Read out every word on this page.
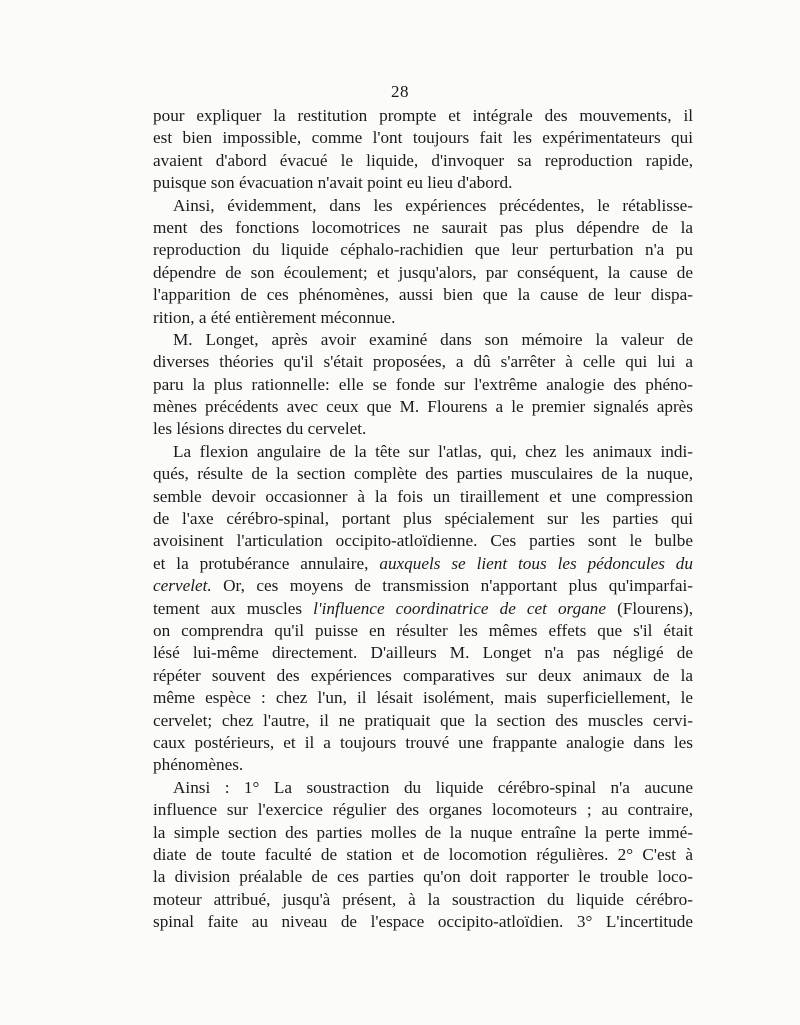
28
pour expliquer la restitution prompte et intégrale des mouvements, il
est bien impossible, comme l'ont toujours fait les expérimentateurs qui
avaient d'abord évacué le liquide, d'invoquer sa reproduction rapide,
puisque son évacuation n'avait point eu lieu d'abord.
Ainsi, évidemment, dans les expériences précédentes, le rétablisse-
ment des fonctions locomotrices ne saurait pas plus dépendre de la
reproduction du liquide céphalo-rachidien que leur perturbation n'a pu
dépendre de son écoulement; et jusqu'alors, par conséquent, la cause de
l'apparition de ces phénomènes, aussi bien que la cause de leur dispa-
rition, a été entièrement méconnue.
M. Longet, après avoir examiné dans son mémoire la valeur de
diverses théories qu'il s'était proposées, a dû s'arrêter à celle qui lui a
paru la plus rationnelle: elle se fonde sur l'extrême analogie des phéno-
mènes précédents avec ceux que M. Flourens a le premier signalés après
les lésions directes du cervelet.
La flexion angulaire de la tête sur l'atlas, qui, chez les animaux indi-
qués, résulte de la section complète des parties musculaires de la nuque,
semble devoir occasionner à la fois un tiraillement et une compression
de l'axe cérébro-spinal, portant plus spécialement sur les parties qui
avoisinent l'articulation occipito-atloïdienne. Ces parties sont le bulbe
et la protubérance annulaire, auxquels se lient tous les pédoncules du
cervelet. Or, ces moyens de transmission n'apportant plus qu'imparfai-
tement aux muscles l'influence coordinatrice de cet organe (Flourens),
on comprendra qu'il puisse en résulter les mêmes effets que s'il était
lésé lui-même directement. D'ailleurs M. Longet n'a pas négligé de
répéter souvent des expériences comparatives sur deux animaux de la
même espèce : chez l'un, il lésait isolément, mais superficiellement, le
cervelet; chez l'autre, il ne pratiquait que la section des muscles cervi-
caux postérieurs, et il a toujours trouvé une frappante analogie dans les
phénomènes.
Ainsi : 1° La soustraction du liquide cérébro-spinal n'a aucune
influence sur l'exercice régulier des organes locomoteurs ; au contraire,
la simple section des parties molles de la nuque entraîne la perte immé-
diate de toute faculté de station et de locomotion régulières. 2° C'est à
la division préalable de ces parties qu'on doit rapporter le trouble loco-
moteur attribué, jusqu'à présent, à la soustraction du liquide cérébro-
spinal faite au niveau de l'espace occipito-atloïdien. 3° L'incertitude
